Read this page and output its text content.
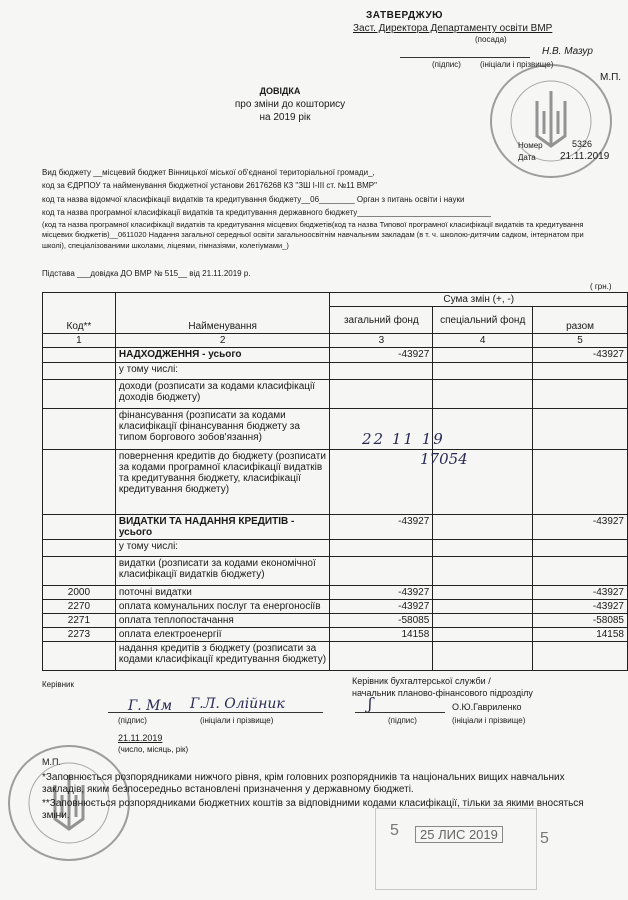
ЗАТВЕРДЖУЮ
Заст. Директора Департаменту освіти ВМР
(посада)
Н.В. Мазур
(підпис) (ініціали і прізвище)
М.П.
Номер	5326
Дата 21.11.2019
ДОВІДКА
про зміни до кошторису
на 2019 рік
Вид бюджету __місцевий бюджет Вінницької міської об'єднаної територіальної громади_,
код за ЄДРПОУ та найменування бюджетної установи 26176268 КЗ "ЗШ І-ІІІ ст. №11 ВМР"
код та назва відомчої класифікації видатків та кредитування бюджету__06________ Орган з питань освіти і науки
код та назва програмної класифікації видатків та кредитування державного бюджету______________________________
(код та назва програмної класифікації видатків та кредитування місцевих бюджетів(код та назва Типової програмної класифікації видатків та кредитування
місцевих бюджетів)__0611020 Надання загальної середньої освіти загальноосвітнім навчальним закладам (в т. ч. школою-дитячим садком, інтернатом при
школі), спеціалізованими школами, ліцеями, гімназіями, колегіумами_)
Підстава ___довідка ДО ВМР № 515__ від 21.11.2019 р.
( грн.)
Код**	Найменування	Сума змін (+, -)		
		загальний фонд	спеціальний фонд	разом

1	2	3	4	5
	НАДХОДЖЕННЯ - усього	-43927		-43927
	у тому числі:			
	доходи (розписати за кодами класифікації доходів бюджету)			
	фінансування (розписати за кодами класифікації фінансування бюджету за типом боргового зобов'язання)			
	повернення кредитів до бюджету (розписати за кодами програмної класифікації видатків та кредитування бюджету, класифікації кредитування бюджету)			
	ВИДАТКИ ТА НАДАННЯ КРЕДИТІВ - усього	-43927		-43927
	у тому числі:			
	видатки (розписати за кодами економічної класифікації видатків бюджету)			
2000	поточні видатки	-43927		-43927
2270	оплата комунальних послуг та енергоносіїв	-43927		-43927
2271	оплата теплопостачання	-58085		-58085
2273	оплата електроенергії	14158		14158
	надання кредитів з бюджету (розписати за кодами класифікації кредитування бюджету)			
22 11 19
17054
Керівник
Г. Мм Г.Л. Олійник
(підпис)	(ініціали і прізвище)
21.11.2019
(число, місяць, рік)
М.П.
Керівник бухгалтерської служби /
начальник планово-фінансового підрозділу
ʃ	О.Ю.Гавриленко
(підпис)	(ініціали і прізвище)
*Заповнюється розпорядниками нижчого рівня, крім головних розпорядників та національних вищих навчальних закладів, яким безпосередньо встановлені призначення у державному бюджеті.
**Заповнюється розпорядниками бюджетних коштів за відповідними кодами класифікації, тільки за якими вносяться зміни.
5	25 ЛИС 2019	5
